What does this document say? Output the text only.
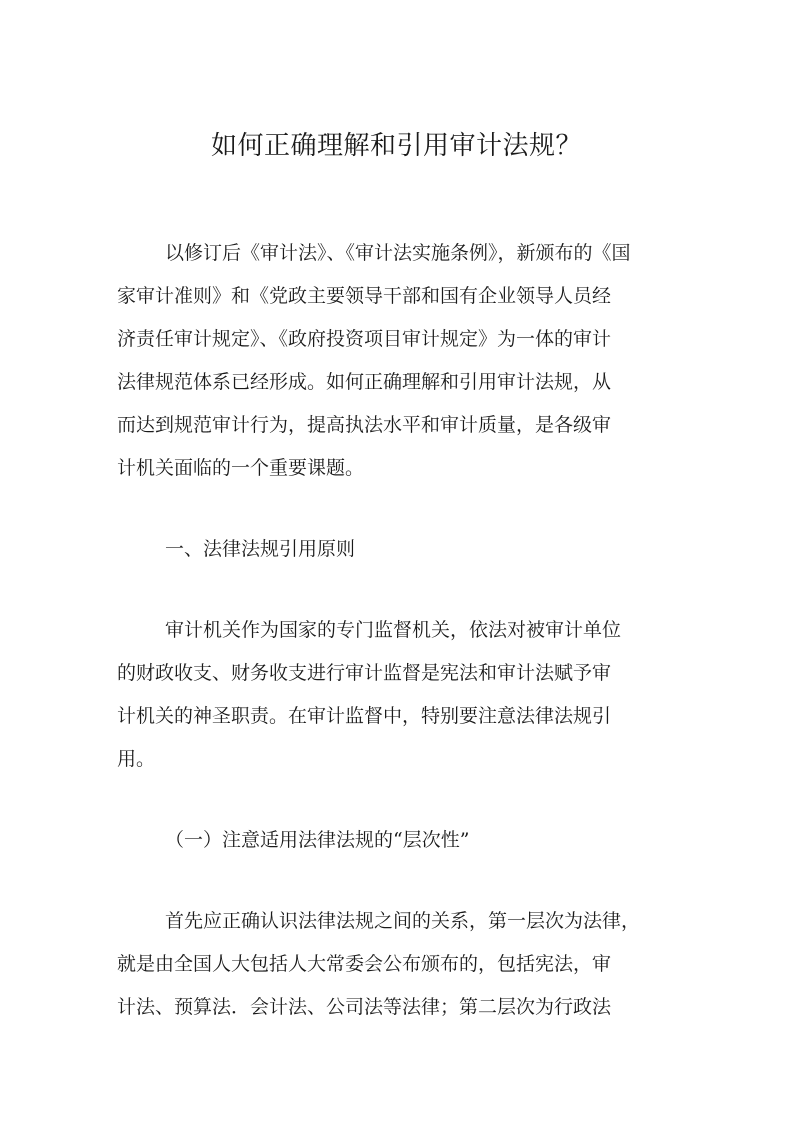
如何正确理解和引用审计法规？

以修订后《审计法》、《审计法实施条例》，新颁布的《国

家审计准则》和《党政主要领导干部和国有企业领导人员经

济责任审计规定》、《政府投资项目审计规定》为一体的审计

法律规范体系已经形成。如何正确理解和引用审计法规，从

而达到规范审计行为，提高执法水平和审计质量，是各级审

计机关面临的一个重要课题。

一、法律法规引用原则

审计机关作为国家的专门监督机关，依法对被审计单位

的财政收支、财务收支进行审计监督是宪法和审计法赋予审

计机关的神圣职责。在审计监督中，特别要注意法律法规引

用。

（一）注意适用法律法规的“层次性”

首先应正确认识法律法规之间的关系，第一层次为法律，

就是由全国人大包括人大常委会公布颁布的，包括宪法，审

计法、预算法．会计法、公司法等法律；第二层次为行政法
